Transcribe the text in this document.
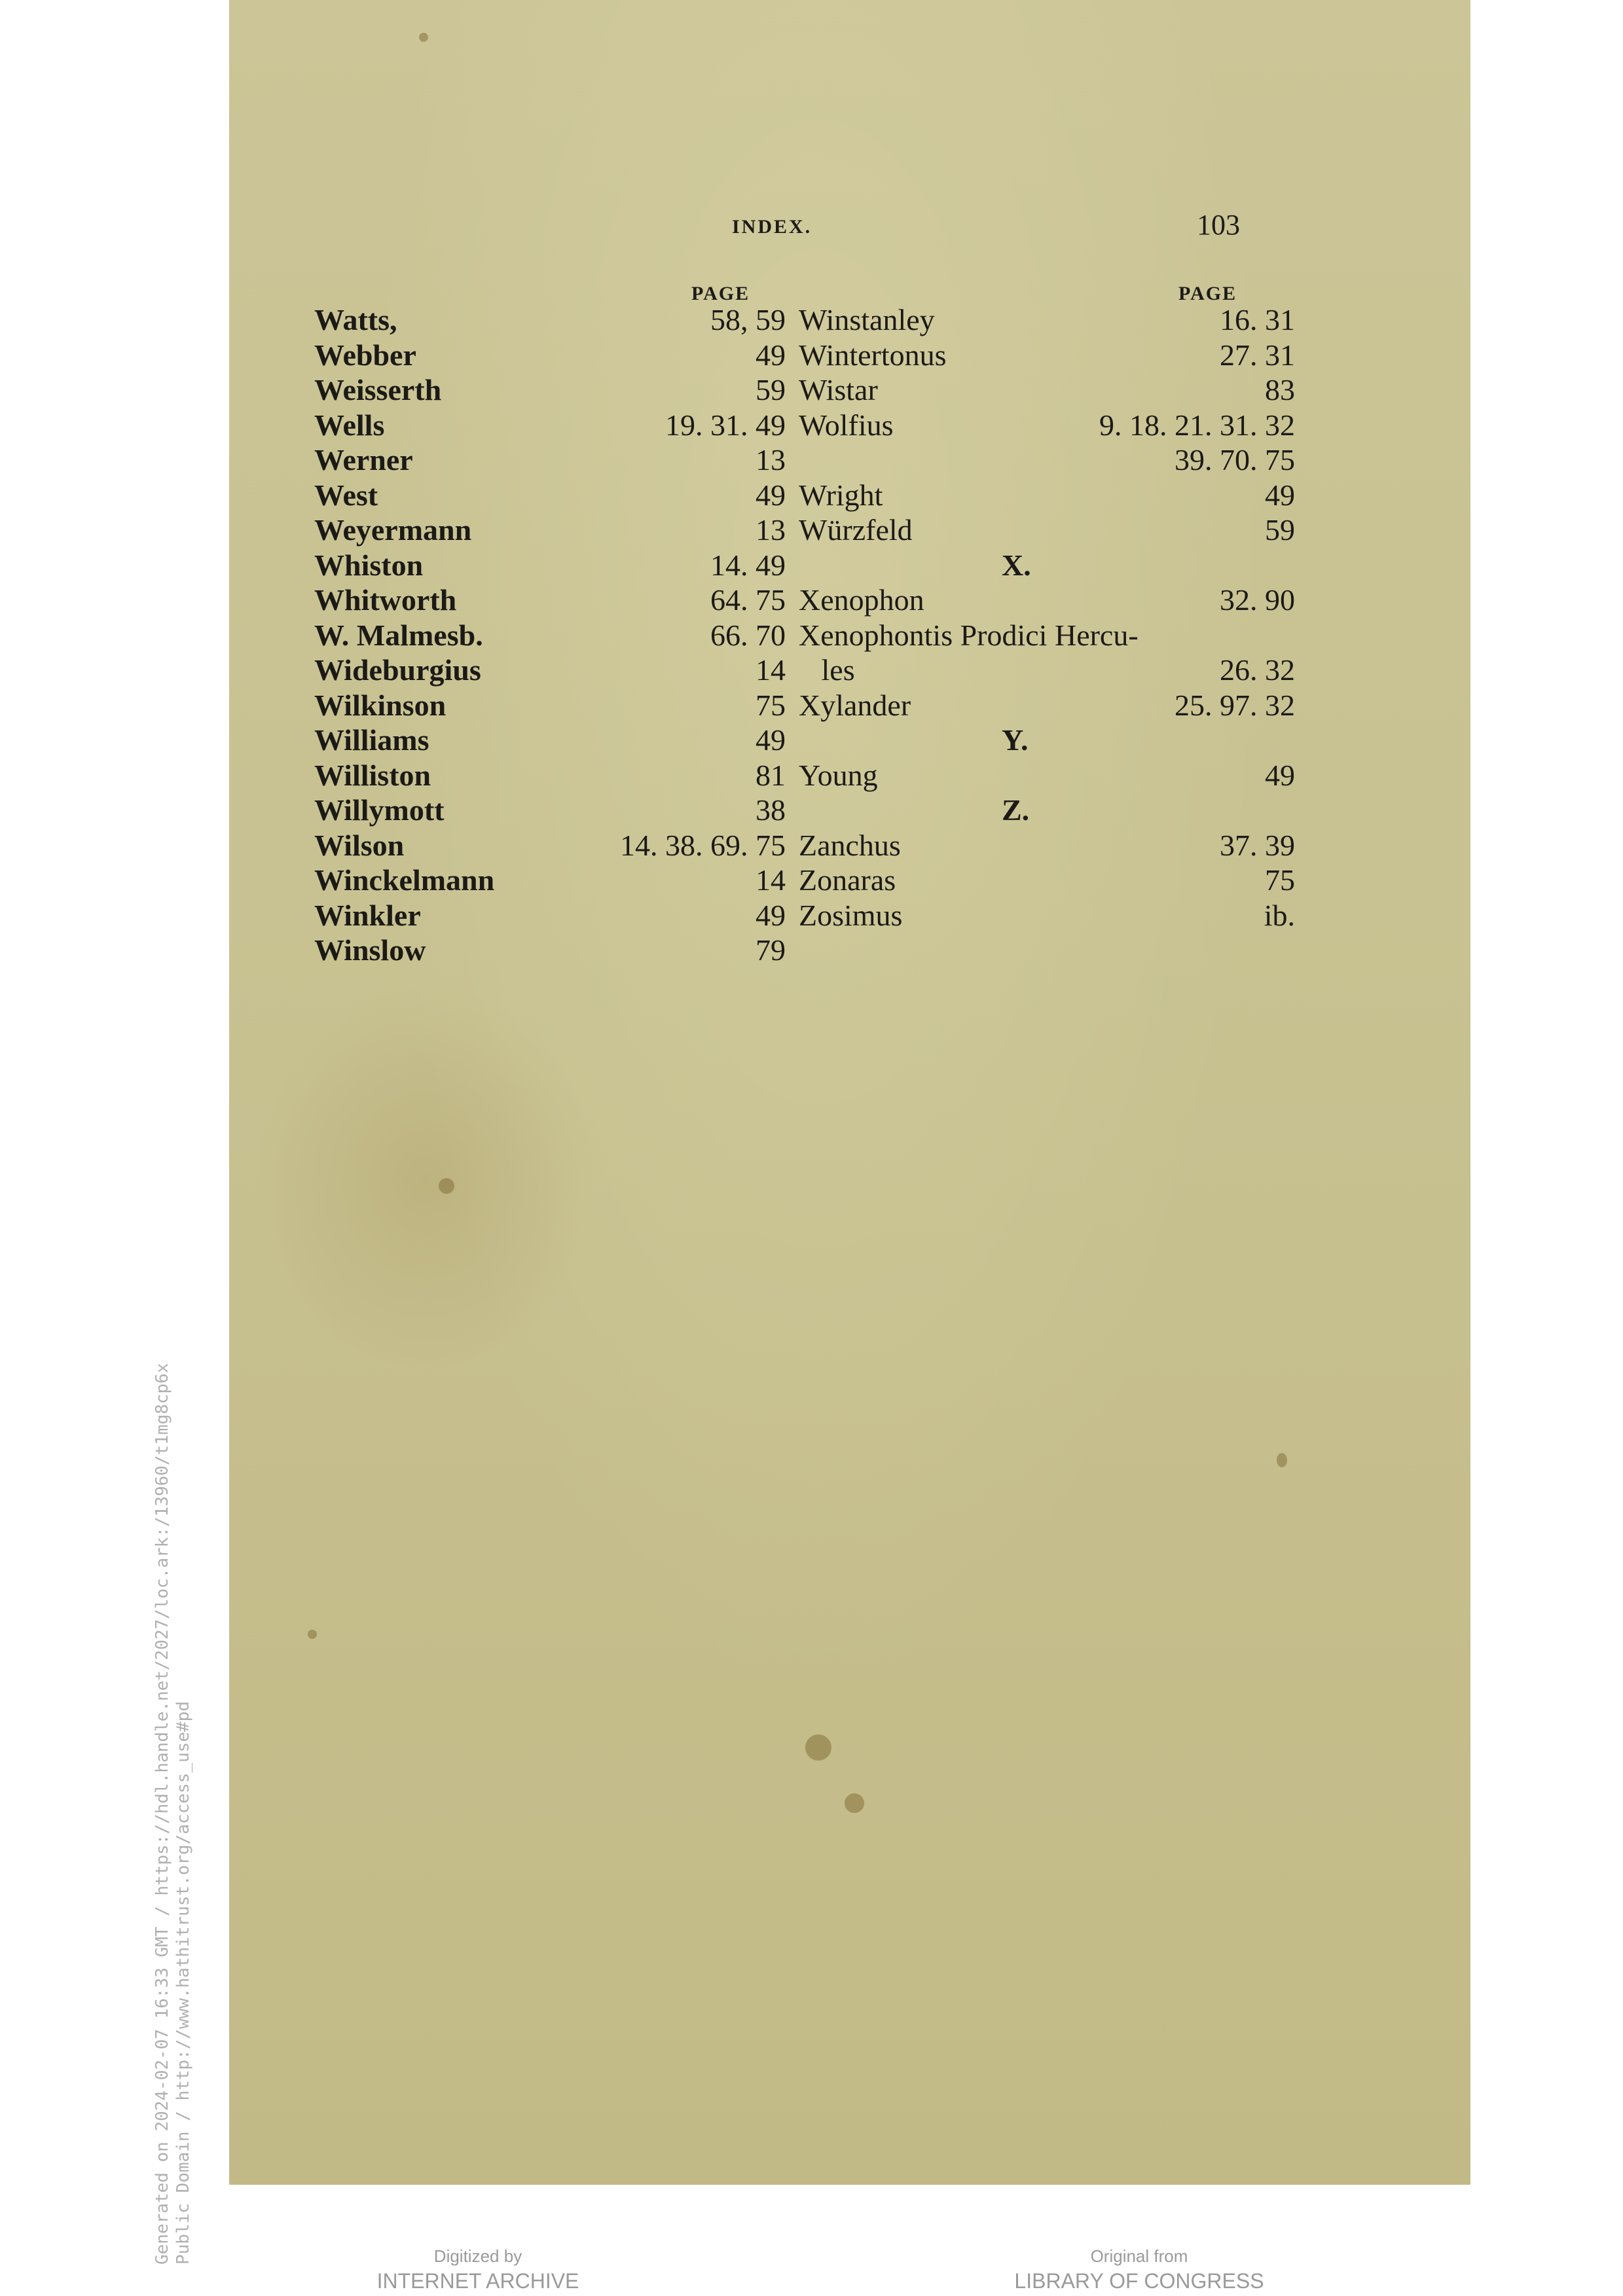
INDEX.	103
PAGE	PAGE
Watts,	58, 59
Webber	49
Weisserth	59
Wells	19. 31. 49
Werner	13
West	49
Weyermann	13
Whiston	14. 49
Whitworth	64. 75
W. Malmesb.	66. 70
Wideburgius	14
Wilkinson	75
Williams	49
Williston	81
Willymott	38
Wilson	14. 38. 69. 75
Winckelmann	14
Winkler	49
Winslow	79
Winstanley	16. 31
Wintertonus	27. 31
Wistar	83
Wolfius	9. 18. 21. 31. 32
39. 70. 75
Wright	49
Würzfeld	59
X.
Xenophon	32. 90
Xenophontis Prodici Hercu-
les	26. 32
Xylander	25. 97. 32
Y.
Young	49
Z.
Zanchus	37. 39
Zonaras	75
Zosimus	ib.
Digitized by
INTERNET ARCHIVE
Original from
LIBRARY OF CONGRESS
Generated on 2024-02-07 16:33 GMT / https://hdl.handle.net/2027/loc.ark:/13960/t1mg8cp6x Public Domain / http://www.hathitrust.org/access_use#pd
